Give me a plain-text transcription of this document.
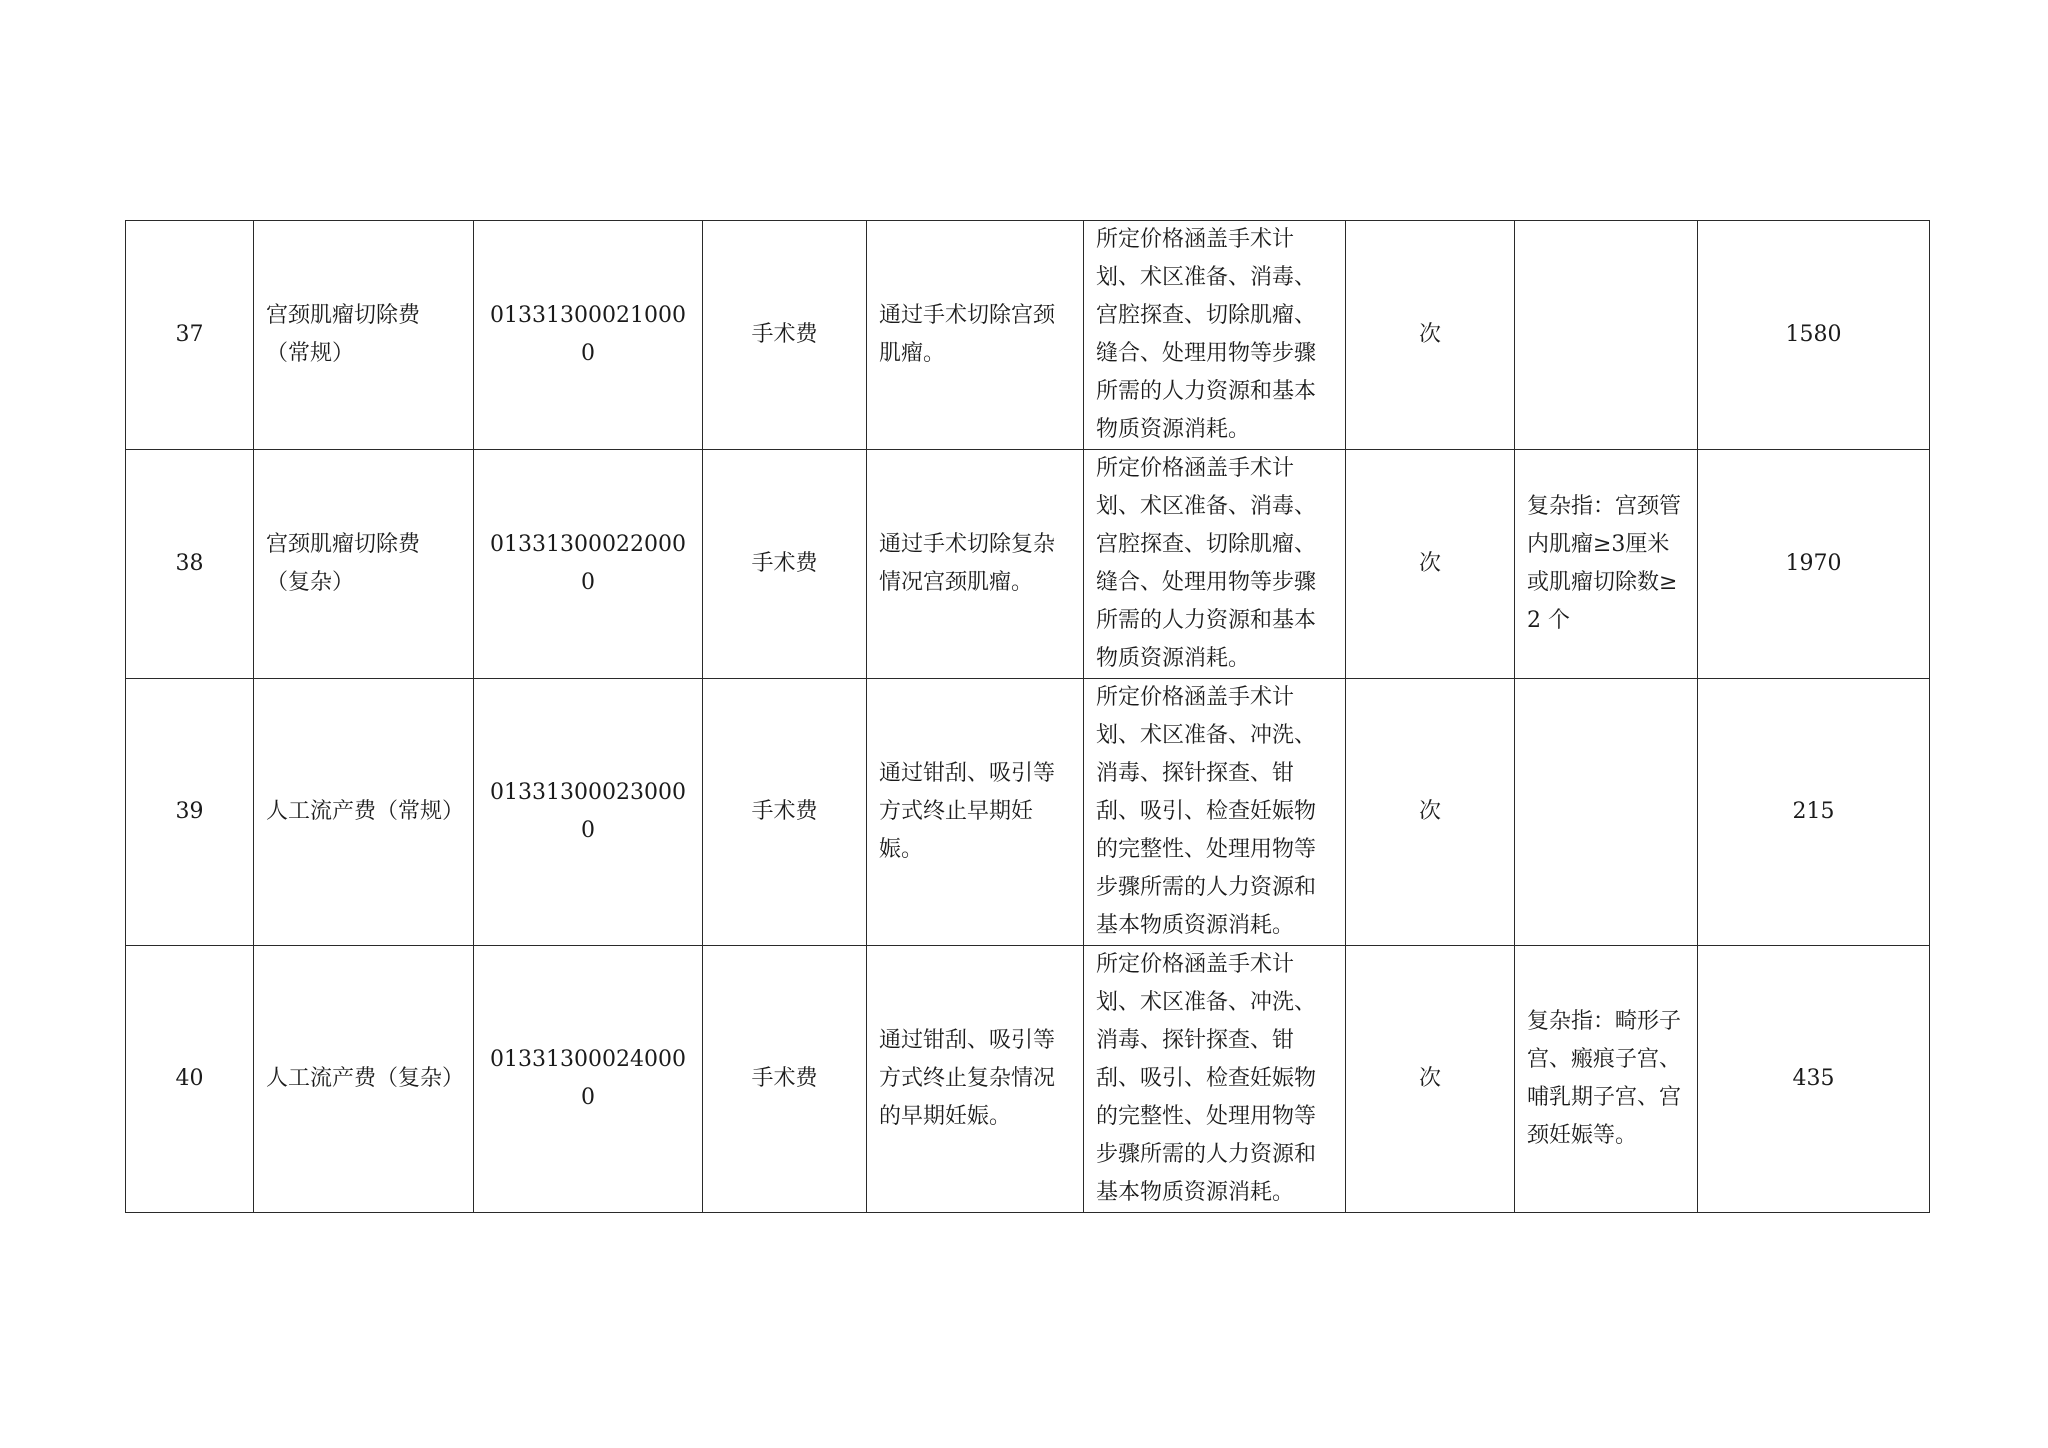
37	宫颈肌瘤切除费（常规）	013313000210000	手术费	通过手术切除宫颈肌瘤。	所定价格涵盖手术计划、术区准备、消毒、宫腔探查、切除肌瘤、缝合、处理用物等步骤所需的人力资源和基本物质资源消耗。	次		1580
38	宫颈肌瘤切除费（复杂）	013313000220000	手术费	通过手术切除复杂情况宫颈肌瘤。	所定价格涵盖手术计划、术区准备、消毒、宫腔探查、切除肌瘤、缝合、处理用物等步骤所需的人力资源和基本物质资源消耗。	次	复杂指：宫颈管内肌瘤≥3厘米或肌瘤切除数≥2 个	1970
39	人工流产费（常规）	013313000230000	手术费	通过钳刮、吸引等方式终止早期妊娠。	所定价格涵盖手术计划、术区准备、冲洗、消毒、探针探查、钳刮、吸引、检查妊娠物的完整性、处理用物等步骤所需的人力资源和基本物质资源消耗。	次		215
40	人工流产费（复杂）	013313000240000	手术费	通过钳刮、吸引等方式终止复杂情况的早期妊娠。	所定价格涵盖手术计划、术区准备、冲洗、消毒、探针探查、钳刮、吸引、检查妊娠物的完整性、处理用物等步骤所需的人力资源和基本物质资源消耗。	次	复杂指：畸形子宫、瘢痕子宫、 哺乳期子宫、宫颈妊娠等。	435
